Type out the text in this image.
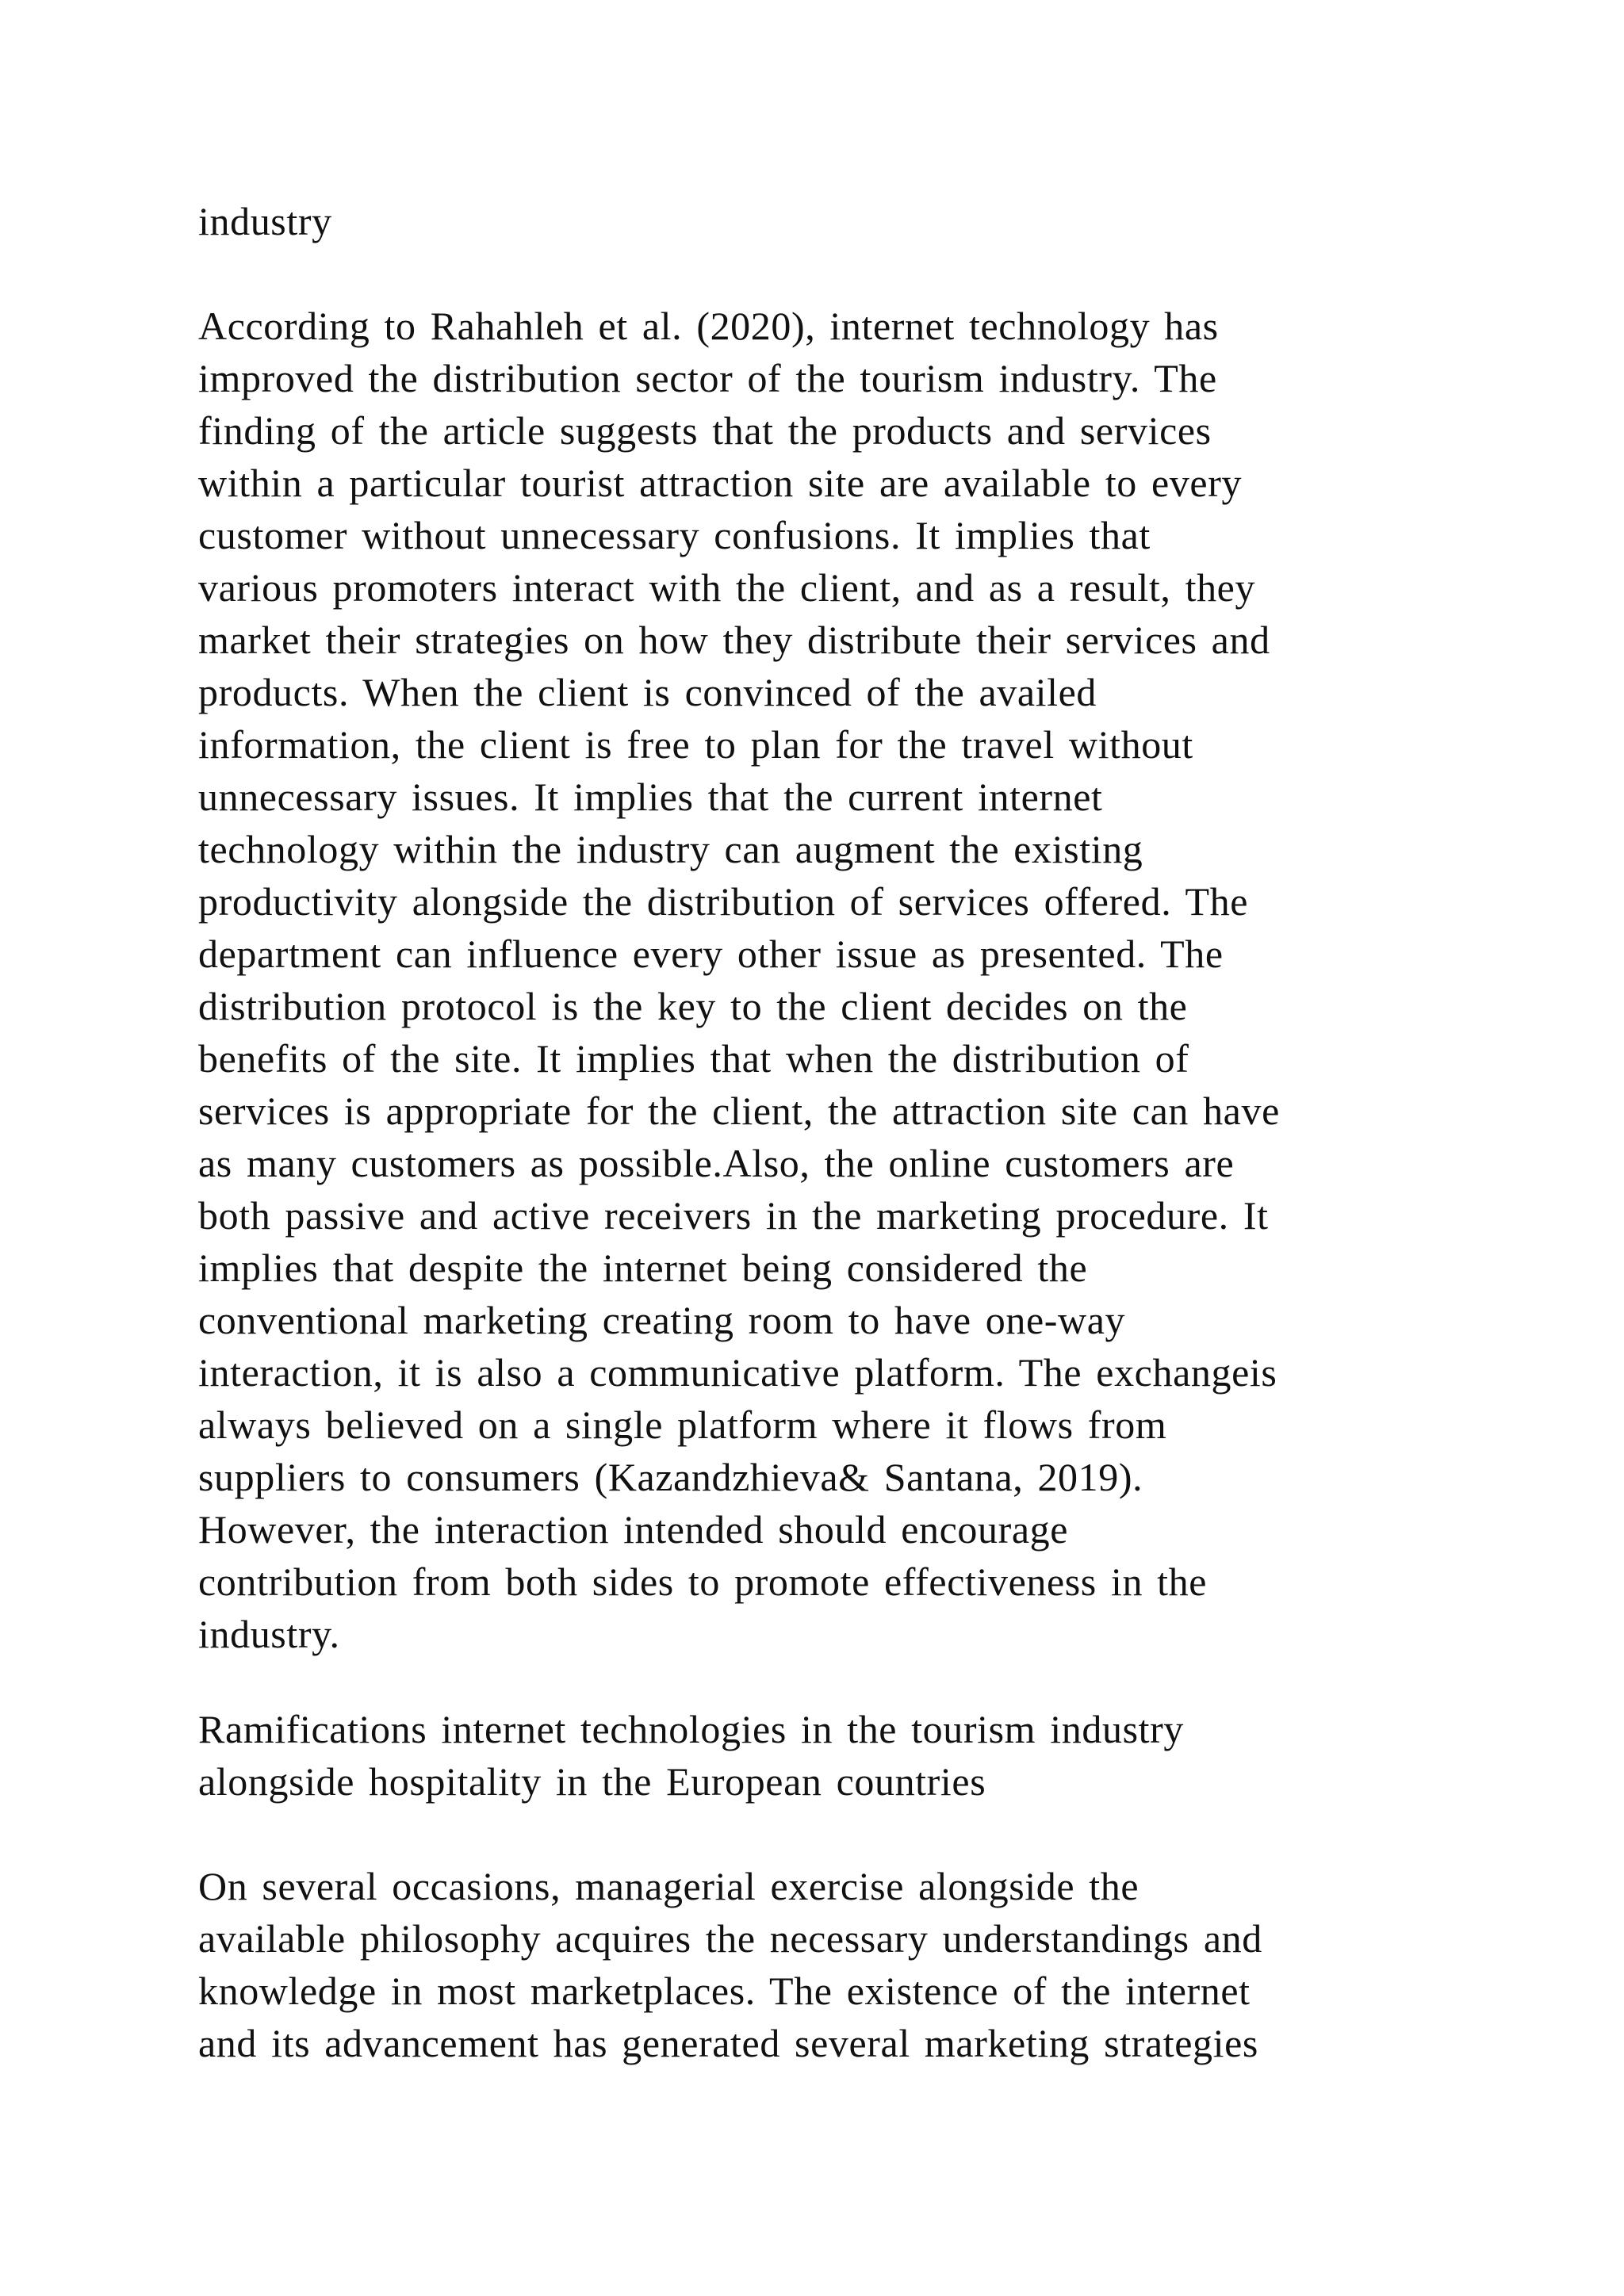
industry

According to Rahahleh et al. (2020), internet technology has
improved the distribution sector of the tourism industry. The
finding of the article suggests that the products and services
within a particular tourist attraction site are available to every
customer without unnecessary confusions. It implies that
various promoters interact with the client, and as a result, they
market their strategies on how they distribute their services and
products. When the client is convinced of the availed
information, the client is free to plan for the travel without
unnecessary issues. It implies that the current internet
technology within the industry can augment the existing
productivity alongside the distribution of services offered. The
department can influence every other issue as presented. The
distribution protocol is the key to the client decides on the
benefits of the site. It implies that when the distribution of
services is appropriate for the client, the attraction site can have
as many customers as possible.Also, the online customers are
both passive and active receivers in the marketing procedure. It
implies that despite the internet being considered the
conventional marketing creating room to have one-way
interaction, it is also a communicative platform. The exchangeis
always believed on a single platform where it flows from
suppliers to consumers (Kazandzhieva& Santana, 2019).
However, the interaction intended should encourage
contribution from both sides to promote effectiveness in the
industry.

Ramifications internet technologies in the tourism industry
alongside hospitality in the European countries

On several occasions, managerial exercise alongside the
available philosophy acquires the necessary understandings and
knowledge in most marketplaces. The existence of the internet
and its advancement has generated several marketing strategies
